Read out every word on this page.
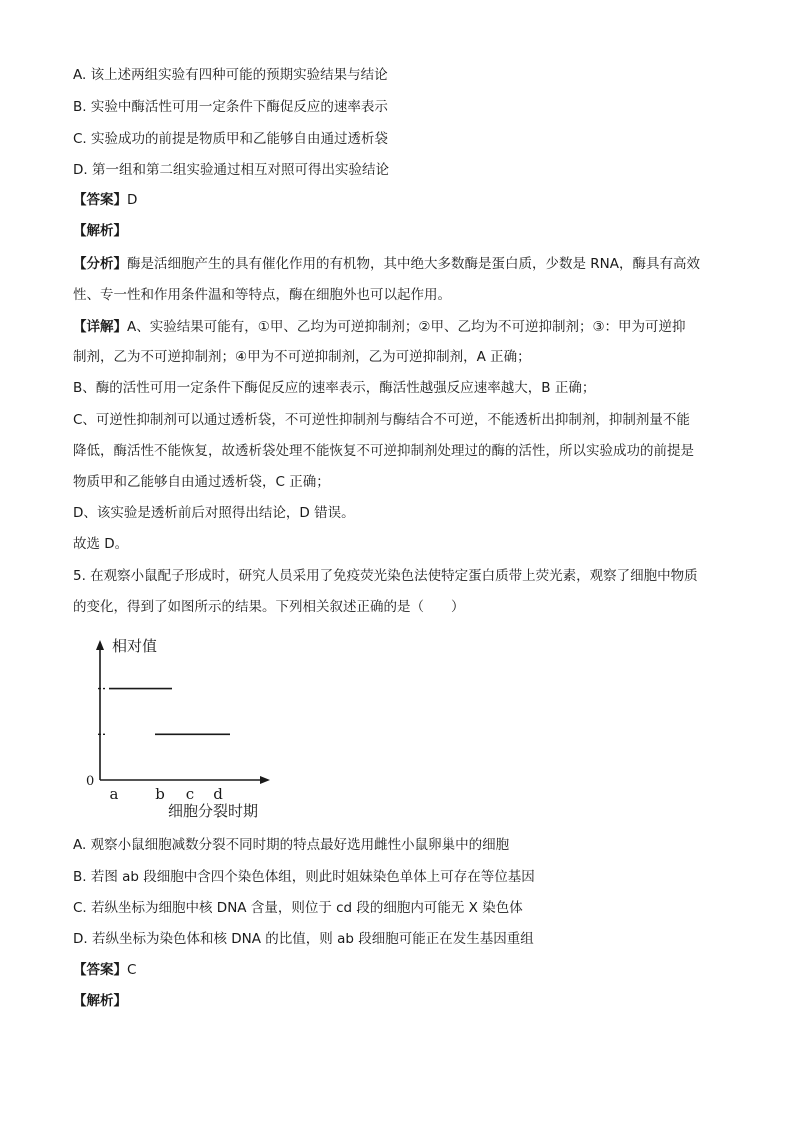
A. 该上述两组实验有四种可能的预期实验结果与结论
B. 实验中酶活性可用一定条件下酶促反应的速率表示
C. 实验成功的前提是物质甲和乙能够自由通过透析袋
D. 第一组和第二组实验通过相互对照可得出实验结论
【答案】D
【解析】
【分析】酶是活细胞产生的具有催化作用的有机物，其中绝大多数酶是蛋白质，少数是 RNA，酶具有高效
性、专一性和作用条件温和等特点，酶在细胞外也可以起作用。
【详解】A、实验结果可能有，①甲、乙均为可逆抑制剂；②甲、乙均为不可逆抑制剂；③：甲为可逆抑
制剂，乙为不可逆抑制剂；④甲为不可逆抑制剂，乙为可逆抑制剂，A 正确；
B、酶的活性可用一定条件下酶促反应的速率表示，酶活性越强反应速率越大，B 正确；
C、可逆性抑制剂可以通过透析袋，不可逆性抑制剂与酶结合不可逆，不能透析出抑制剂，抑制剂量不能
降低，酶活性不能恢复，故透析袋处理不能恢复不可逆抑制剂处理过的酶的活性，所以实验成功的前提是
物质甲和乙能够自由通过透析袋，C 正确；
D、该实验是透析前后对照得出结论，D 错误。
故选 D。
5. 在观察小鼠配子形成时，研究人员采用了免疫荧光染色法使特定蛋白质带上荧光素，观察了细胞中物质
的变化，得到了如图所示的结果。下列相关叙述正确的是（　　）
相对值
0
细胞分裂时期
a b c d
A. 观察小鼠细胞减数分裂不同时期的特点最好选用雌性小鼠卵巢中的细胞
B. 若图 ab 段细胞中含四个染色体组，则此时姐妹染色单体上可存在等位基因
C. 若纵坐标为细胞中核 DNA 含量，则位于 cd 段的细胞内可能无 X 染色体
D. 若纵坐标为染色体和核 DNA 的比值，则 ab 段细胞可能正在发生基因重组
【答案】C
【解析】
